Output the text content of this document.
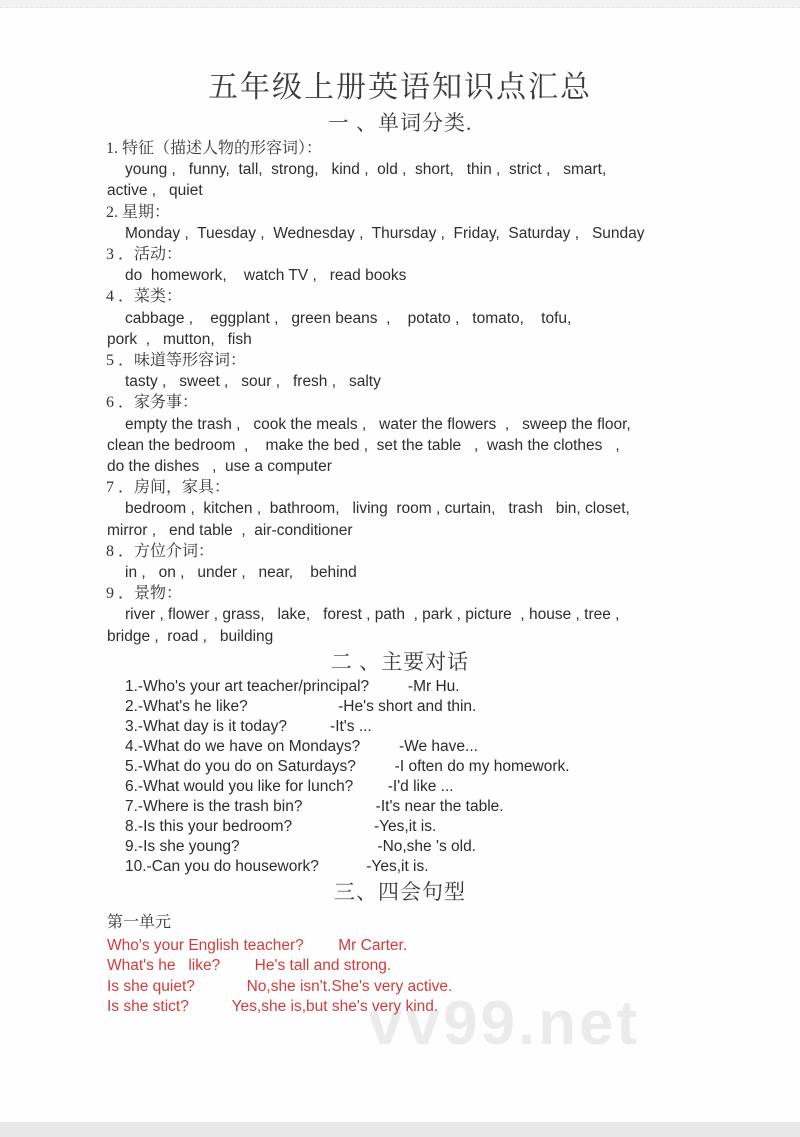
vv99.net
五年级上册英语知识点汇总
一 、单词分类.
1. 特征（描述人物的形容词）：
young ,   funny,  tall,  strong,   kind ,  old ,  short,   thin ,  strict ,   smart,
active ,   quiet
2. 星期：
Monday ,  Tuesday ,  Wednesday ,  Thursday ,  Friday,  Saturday ,   Sunday
3 ．活动：
do  homework,    watch TV ,   read books
4 ．菜类：
cabbage ,    eggplant ,   green beans  ,    potato ,   tomato,    tofu,
pork  ,   mutton,   fish
5 ．味道等形容词：
tasty ,   sweet ,   sour ,   fresh ,   salty
6 ．家务事：
empty the trash ,   cook the meals ,   water the flowers  ,   sweep the floor,
clean the bedroom  ,    make the bed ,  set the table   ,  wash the clothes   ,
do the dishes   ,  use a computer
7 ．房间，家具：
bedroom ,  kitchen ,  bathroom,   living  room , curtain,   trash   bin, closet,
mirror ,   end table  ,  air-conditioner
8 ．方位介词：
in ,   on ,   under ,   near,    behind
9 ．景物：
river , flower , grass,   lake,   forest , path  , park , picture  , house , tree ,
bridge ,  road ,   building
二 、主要对话
1.-Who's your art teacher/principal?         -Mr Hu.
2.-What's he like?                     -He's short and thin.
3.-What day is it today?          -It's ...
4.-What do we have on Mondays?         -We have...
5.-What do you do on Saturdays?         -I often do my homework.
6.-What would you like for lunch?        -I'd like ...
7.-Where is the trash bin?                 -It's near the table.
8.-Is this your bedroom?                   -Yes,it is.
9.-Is she young?                                -No,she 's old.
10.-Can you do housework?           -Yes,it is.
三、四会句型
第一单元
Who's your English teacher?        Mr Carter.
What's he   like?        He's tall and strong.
Is she quiet?            No,she isn't.She's very active.
Is she stict?          Yes,she is,but she's very kind.
